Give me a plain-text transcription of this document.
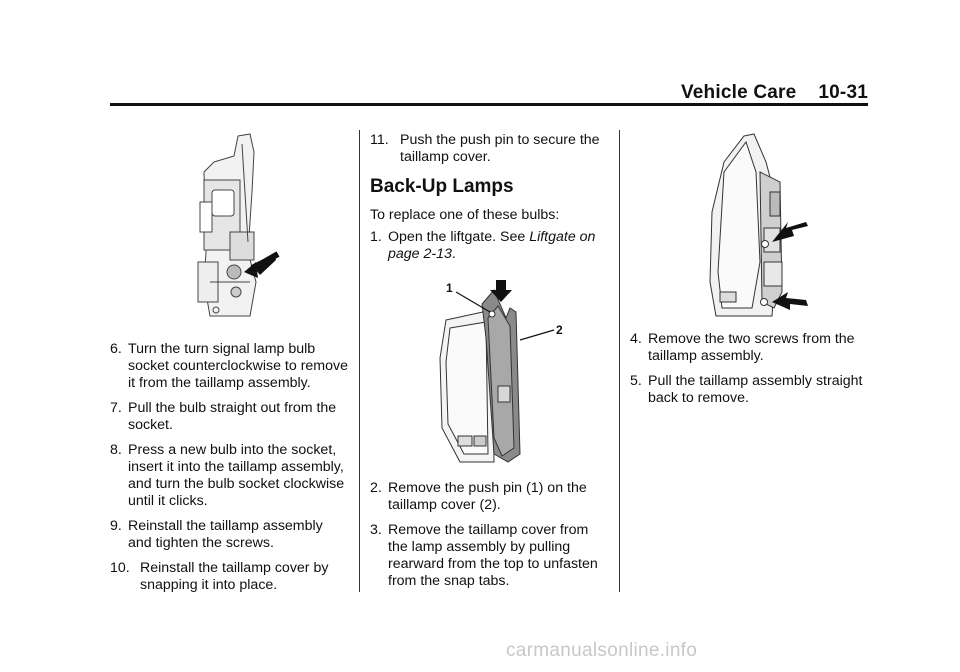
Vehicle Care 10-31
6. Turn the turn signal lamp bulb socket counterclockwise to remove it from the taillamp assembly.
7. Pull the bulb straight out from the socket.
8. Press a new bulb into the socket, insert it into the taillamp assembly, and turn the bulb socket clockwise until it clicks.
9. Reinstall the taillamp assembly and tighten the screws.
10. Reinstall the taillamp cover by snapping it into place.
11. Push the push pin to secure the taillamp cover.
Back-Up Lamps
To replace one of these bulbs:
1. Open the liftgate. See Liftgate on page 2-13.
1
2
2. Remove the push pin (1) on the taillamp cover (2).
3. Remove the taillamp cover from the lamp assembly by pulling rearward from the top to unfasten from the snap tabs.
4. Remove the two screws from the taillamp assembly.
5. Pull the taillamp assembly straight back to remove.
carmanualsonline.info
